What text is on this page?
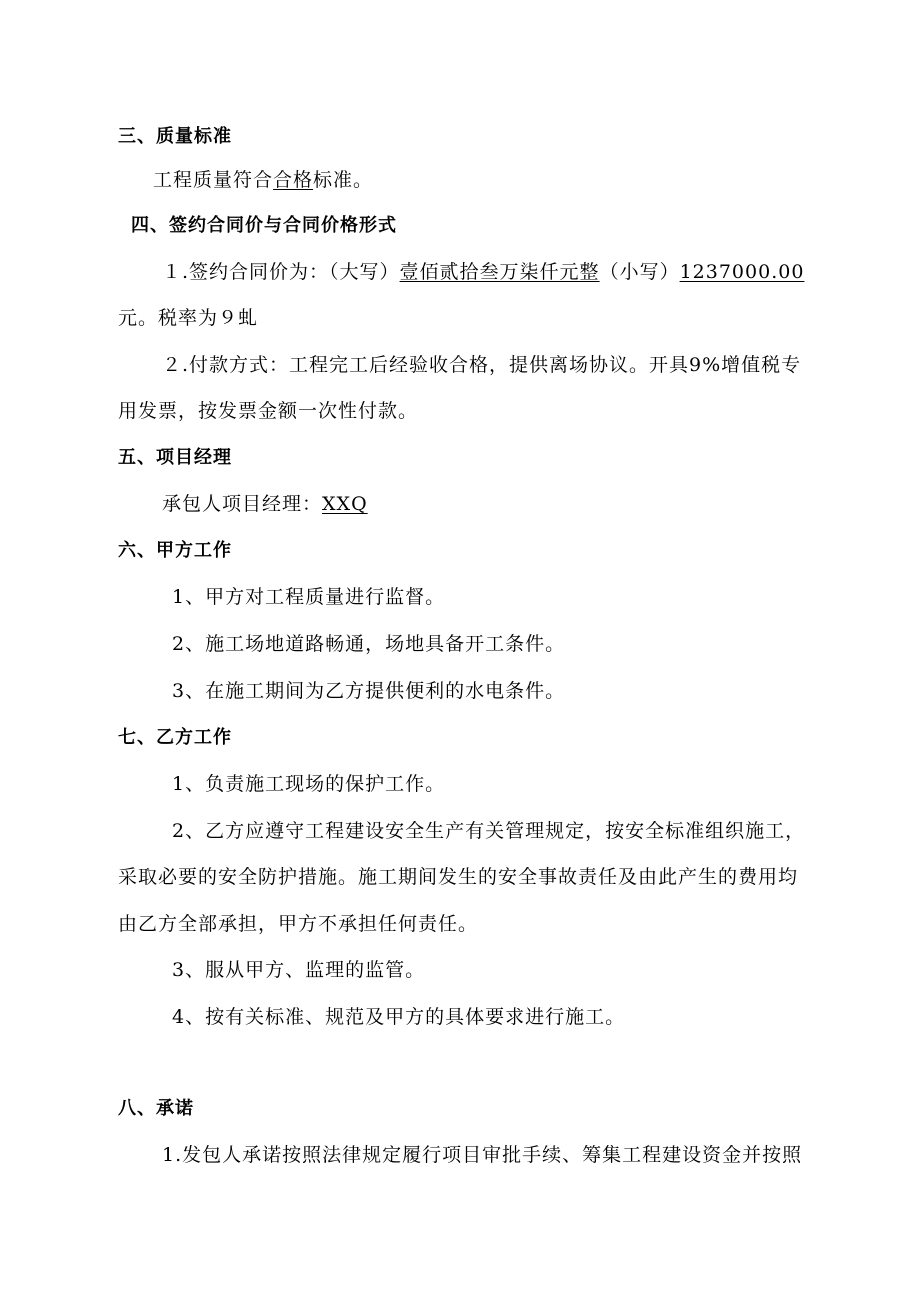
三、质量标准
工程质量符合合格标准。
四、签约合同价与合同价格形式
１.签约合同价为：（大写）壹佰贰拾叁万柒仟元整（小写）1237000.00
元。税率为９虬
２.付款方式：工程完工后经验收合格，提供离场协议。开具9%增值税专
用发票，按发票金额一次性付款。
五、项目经理
承包人项目经理：XXQ
六、甲方工作
1、甲方对工程质量进行监督。
2、施工场地道路畅通，场地具备开工条件。
3、在施工期间为乙方提供便利的水电条件。
七、乙方工作
1、负责施工现场的保护工作。
2、乙方应遵守工程建设安全生产有关管理规定，按安全标准组织施工，
采取必要的安全防护措施。施工期间发生的安全事故责任及由此产生的费用均
由乙方全部承担，甲方不承担任何责任。
3、服从甲方、监理的监管。
4、按有关标准、规范及甲方的具体要求进行施工。
八、承诺
1.发包人承诺按照法律规定履行项目审批手续、筹集工程建设资金并按照
